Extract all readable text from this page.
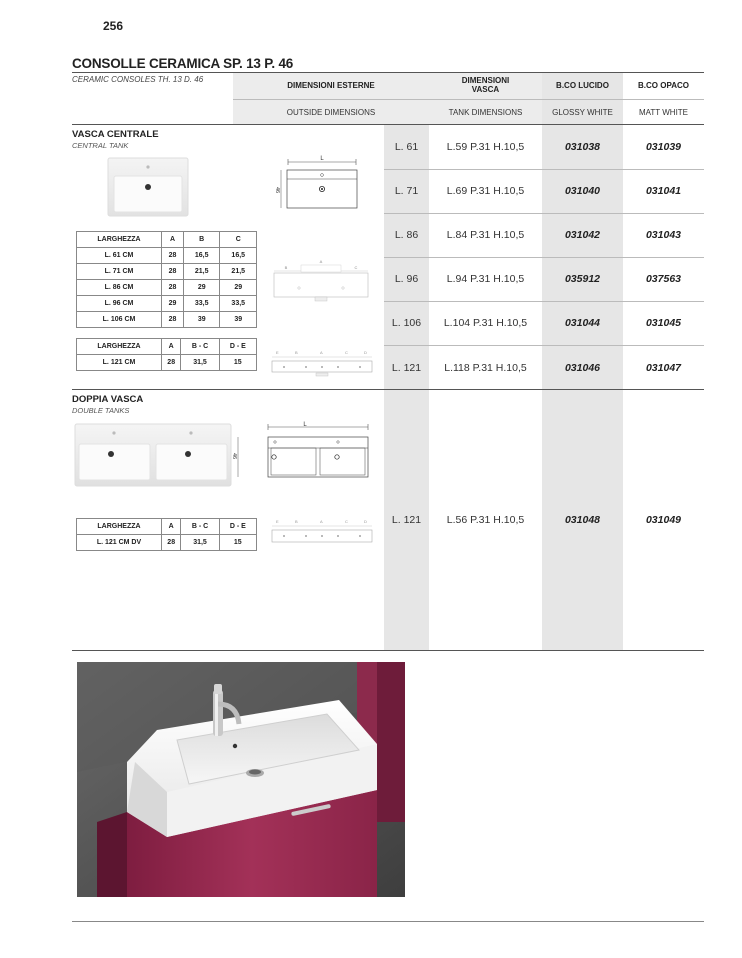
256
CONSOLLE CERAMICA SP. 13 P. 46
CERAMIC CONSOLES TH. 13 D. 46
DIMENSIONI ESTERNE	DIMENSIONI VASCA	B.CO LUCIDO	B.CO OPACO
OUTSIDE DIMENSIONS	TANK DIMENSIONS	GLOSSY WHITE	MATT WHITE
VASCA CENTRALE
CENTRAL TANK	L. 61	L.59 P.31 H.10,5	031038	031039
L. 71	L.69 P.31 H.10,5	031040	031041
L. 86	L.84 P.31 H.10,5	031042	031043
L. 96	L.94 P.31 H.10,5	035912	037563
L. 106	L.104 P.31 H.10,5	031044	031045
L. 121	L.118 P.31 H.10,5	031046	031047
L
46
LARGHEZZA	A	B	C
L. 61 CM	28	16,5	16,5
L. 71 CM	28	21,5	21,5
L. 86 CM	28	29	29
L. 96 CM	29	33,5	33,5
L. 106 CM	28	39	39
A
B	C
LARGHEZZA	A	B - C	D - E
L. 121 CM	28	31,5	15
E	B	A	C	D
DOPPIA VASCA
DOUBLE TANKS
L. 121	L.56 P.31 H.10,5	031048	031049
L
46
LARGHEZZA	A	B - C	D - E
L. 121 CM DV	28	31,5	15
E	B	A	C	D
